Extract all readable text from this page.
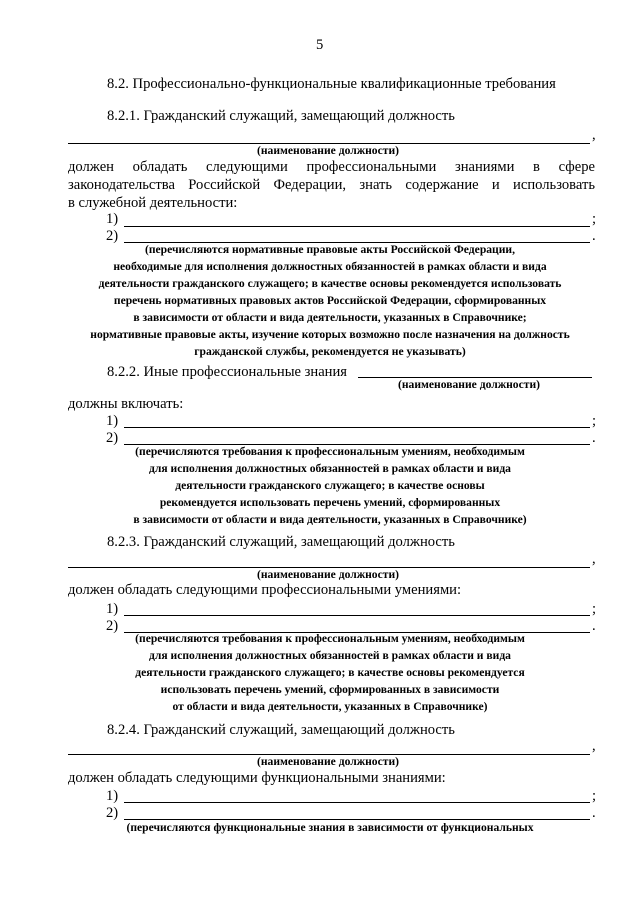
5
8.2. Профессионально-функциональные квалификационные требования
8.2.1. Гражданский служащий, замещающий должность
,
(наименование должности)
должен обладать следующими профессиональными знаниями в сфере
законодательства Российской Федерации, знать содержание и использовать
в служебной деятельности:
1)	;
2)	.
(перечисляются нормативные правовые акты Российской Федерации,
необходимые для исполнения должностных обязанностей в рамках области и вида
деятельности гражданского служащего; в качестве основы рекомендуется использовать
перечень нормативных правовых актов Российской Федерации, сформированных
в зависимости от области и вида деятельности, указанных в Справочнике;
нормативные правовые акты, изучение которых возможно после назначения на должность
гражданской службы, рекомендуется не указывать)
8.2.2. Иные профессиональные знания
(наименование должности)
должны включать:
1)	;
2)	.
(перечисляются требования к профессиональным умениям, необходимым
для исполнения должностных обязанностей в рамках области и вида
деятельности гражданского служащего; в качестве основы
рекомендуется использовать перечень умений, сформированных
в зависимости от области и вида деятельности, указанных в Справочнике)
8.2.3. Гражданский служащий, замещающий должность
,
(наименование должности)
должен обладать следующими профессиональными умениями:
1)	;
2)	.
(перечисляются требования к профессиональным умениям, необходимым
для исполнения должностных обязанностей в рамках области и вида
деятельности гражданского служащего; в качестве основы рекомендуется
использовать перечень умений, сформированных в зависимости
от области и вида деятельности, указанных в Справочнике)
8.2.4. Гражданский служащий, замещающий должность
,
(наименование должности)
должен обладать следующими функциональными знаниями:
1)	;
2)	.
(перечисляются функциональные знания в зависимости от функциональных
